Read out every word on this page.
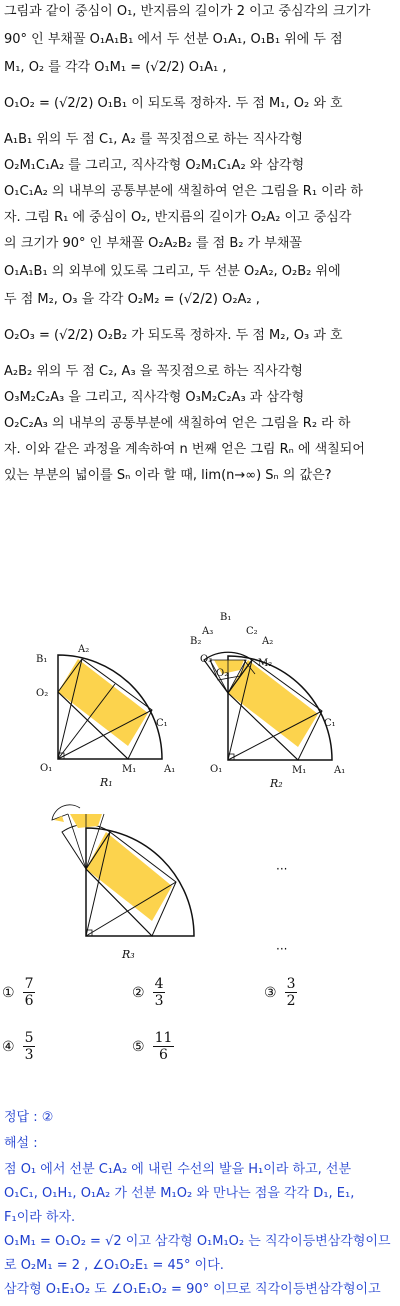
그림과 같이 중심이 O₁, 반지름의 길이가 2 이고 중심각의 크기가
90° 인 부채꼴 O₁A₁B₁ 에서 두 선분 O₁A₁, O₁B₁ 위에 두 점
M₁, O₂ 를 각각 O₁M₁ = (√2/2) O₁A₁ ,
O₁O₂ = (√2/2) O₁B₁ 이 되도록 정하자. 두 점 M₁, O₂ 와 호
A₁B₁ 위의 두 점 C₁, A₂ 를 꼭짓점으로 하는 직사각형
O₂M₁C₁A₂ 를 그리고, 직사각형 O₂M₁C₁A₂ 와 삼각형
O₁C₁A₂ 의 내부의 공통부분에 색칠하여 얻은 그림을 R₁ 이라 하
자. 그림 R₁ 에 중심이 O₂, 반지름의 길이가 O₂A₂ 이고 중심각
의 크기가 90° 인 부채꼴 O₂A₂B₂ 를 점 B₂ 가 부채꼴
O₁A₁B₁ 의 외부에 있도록 그리고, 두 선분 O₂A₂, O₂B₂ 위에
두 점 M₂, O₃ 을 각각 O₂M₂ = (√2/2) O₂A₂ ,
O₂O₃ = (√2/2) O₂B₂ 가 되도록 정하자. 두 점 M₂, O₃ 과 호
A₂B₂ 위의 두 점 C₂, A₃ 을 꼭짓점으로 하는 직사각형
O₃M₂C₂A₃ 을 그리고, 직사각형 O₃M₂C₂A₃ 과 삼각형
O₂C₂A₃ 의 내부의 공통부분에 색칠하여 얻은 그림을 R₂ 라 하
자. 이와 같은 과정을 계속하여 n 번째 얻은 그림 Rₙ 에 색칠되어
있는 부분의 넓이를 Sₙ 이라 할 때, lim(n→∞) Sₙ 의 값은?
B₁
A₂
O₂
C₁
O₁	M₁	A₁
R₁
B₁
A₃	C₂
B₂	A₂
O₃	M₂
O₂
C₁
O₁	M₁	A₁
R₂
R₃
···
···
① $\frac{7}{6}$	② $\frac{4}{3}$	③ $\frac{3}{2}$
④ $\frac{5}{3}$	⑤ $\frac{11}{6}$
정답 : ②
해설 :
점 O₁ 에서 선분 C₁A₂ 에 내린 수선의 발을 H₁이라 하고, 선분
O₁C₁, O₁H₁, O₁A₂ 가 선분 M₁O₂ 와 만나는 점을 각각 D₁, E₁,
F₁이라 하자.
O₁M₁ = O₁O₂ = √2 이고 삼각형 O₁M₁O₂ 는 직각이등변삼각형이므
로 O₂M₁ = 2 , ∠O₁O₂E₁ = 45° 이다.
삼각형 O₁E₁O₂ 도 ∠O₁E₁O₂ = 90° 이므로 직각이등변삼각형이고
